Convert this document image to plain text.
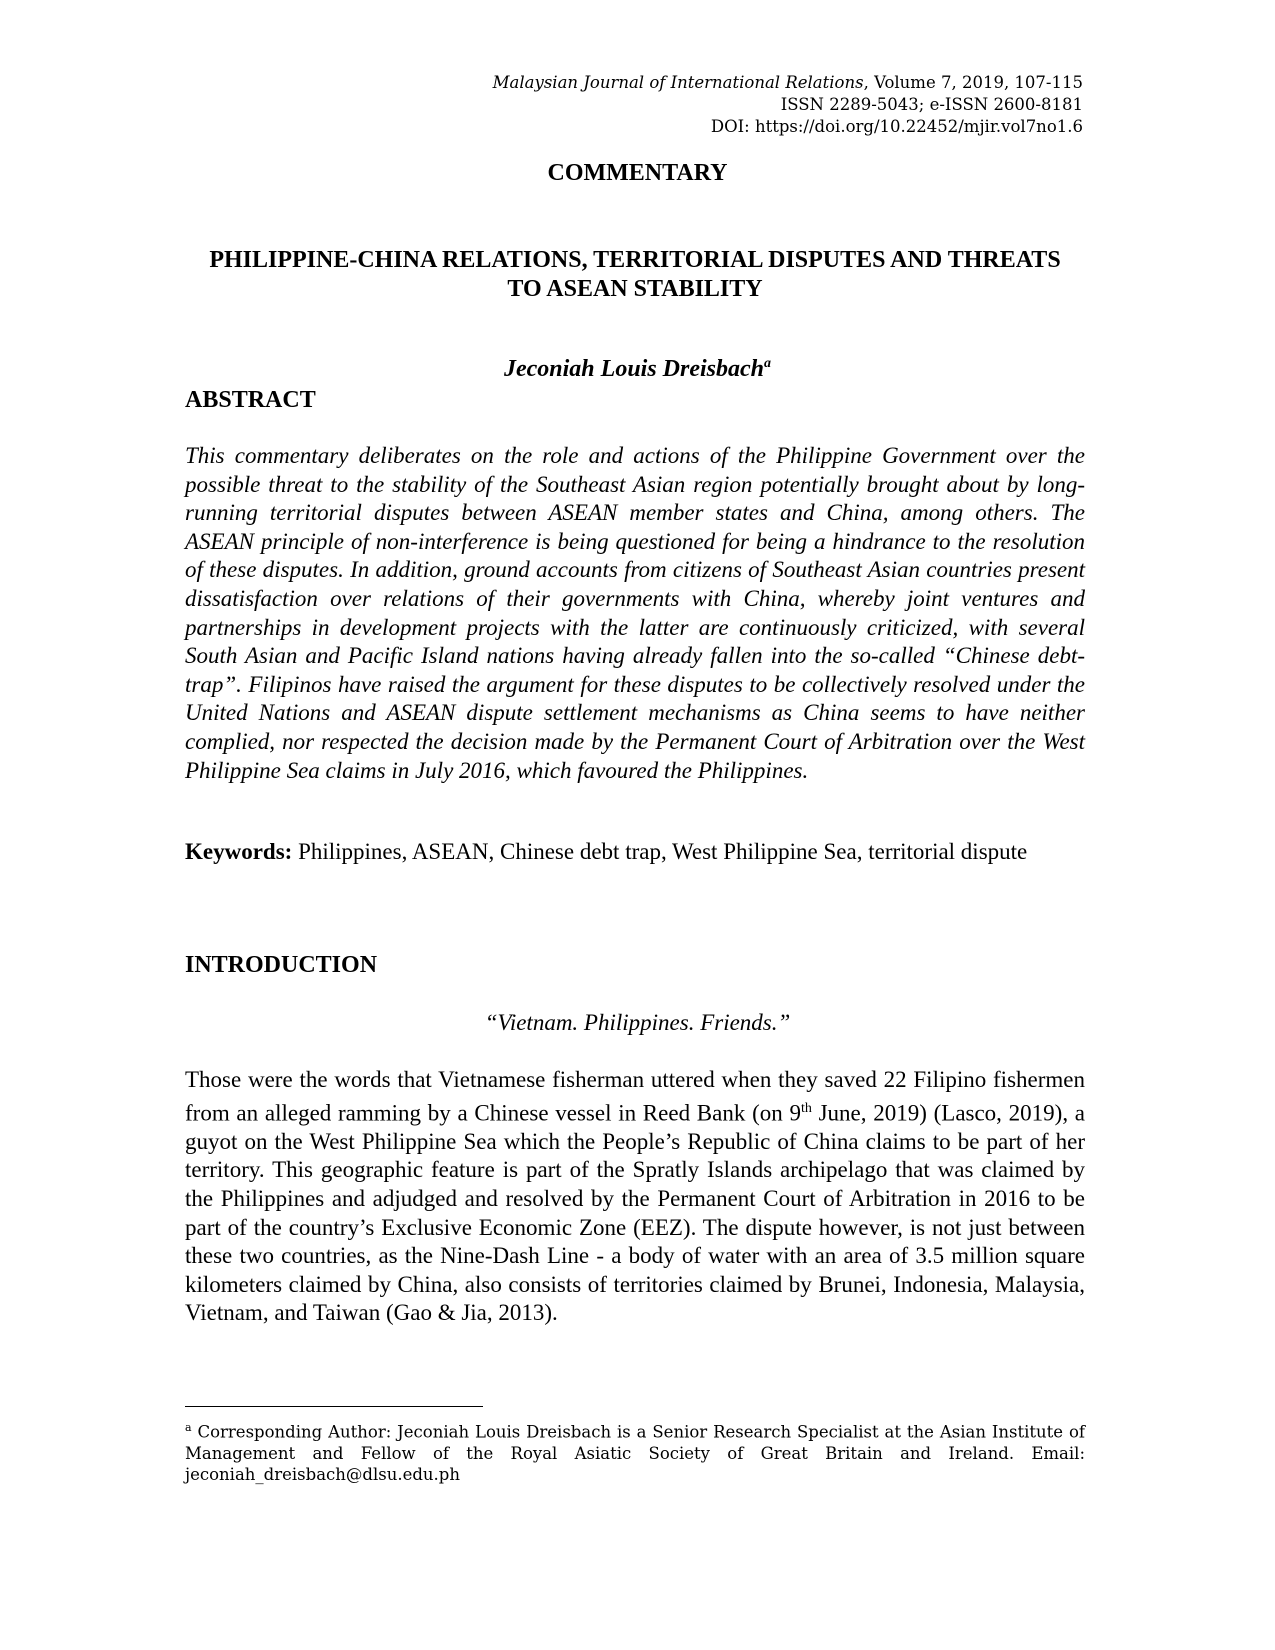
Malaysian Journal of International Relations, Volume 7, 2019, 107-115
ISSN 2289-5043; e-ISSN 2600-8181
DOI: https://doi.org/10.22452/mjir.vol7no1.6
COMMENTARY
PHILIPPINE-CHINA RELATIONS, TERRITORIAL DISPUTES AND THREATS
TO ASEAN STABILITY
Jeconiah Louis Dreisbach$^a$
ABSTRACT
This commentary deliberates on the role and actions of the Philippine Government over the possible threat to the stability of the Southeast Asian region potentially brought about by long-running territorial disputes between ASEAN member states and China, among others. The ASEAN principle of non-interference is being questioned for being a hindrance to the resolution of these disputes. In addition, ground accounts from citizens of Southeast Asian countries present dissatisfaction over relations of their governments with China, whereby joint ventures and partnerships in development projects with the latter are continuously criticized, with several South Asian and Pacific Island nations having already fallen into the so-called “Chinese debt-trap”. Filipinos have raised the argument for these disputes to be collectively resolved under the United Nations and ASEAN dispute settlement mechanisms as China seems to have neither complied, nor respected the decision made by the Permanent Court of Arbitration over the West Philippine Sea claims in July 2016, which favoured the Philippines.
Keywords: Philippines, ASEAN, Chinese debt trap, West Philippine Sea, territorial dispute
INTRODUCTION
“Vietnam. Philippines. Friends.”
Those were the words that Vietnamese fisherman uttered when they saved 22 Filipino fishermen from an alleged ramming by a Chinese vessel in Reed Bank (on 9th June, 2019) (Lasco, 2019), a guyot on the West Philippine Sea which the People’s Republic of China claims to be part of her territory. This geographic feature is part of the Spratly Islands archipelago that was claimed by the Philippines and adjudged and resolved by the Permanent Court of Arbitration in 2016 to be part of the country’s Exclusive Economic Zone (EEZ). The dispute however, is not just between these two countries, as the Nine-Dash Line - a body of water with an area of 3.5 million square kilometers claimed by China, also consists of territories claimed by Brunei, Indonesia, Malaysia, Vietnam, and Taiwan (Gao & Jia, 2013).
$^a$ Corresponding Author: Jeconiah Louis Dreisbach is a Senior Research Specialist at the Asian Institute of Management and Fellow of the Royal Asiatic Society of Great Britain and Ireland. Email: jeconiah_dreisbach@dlsu.edu.ph
